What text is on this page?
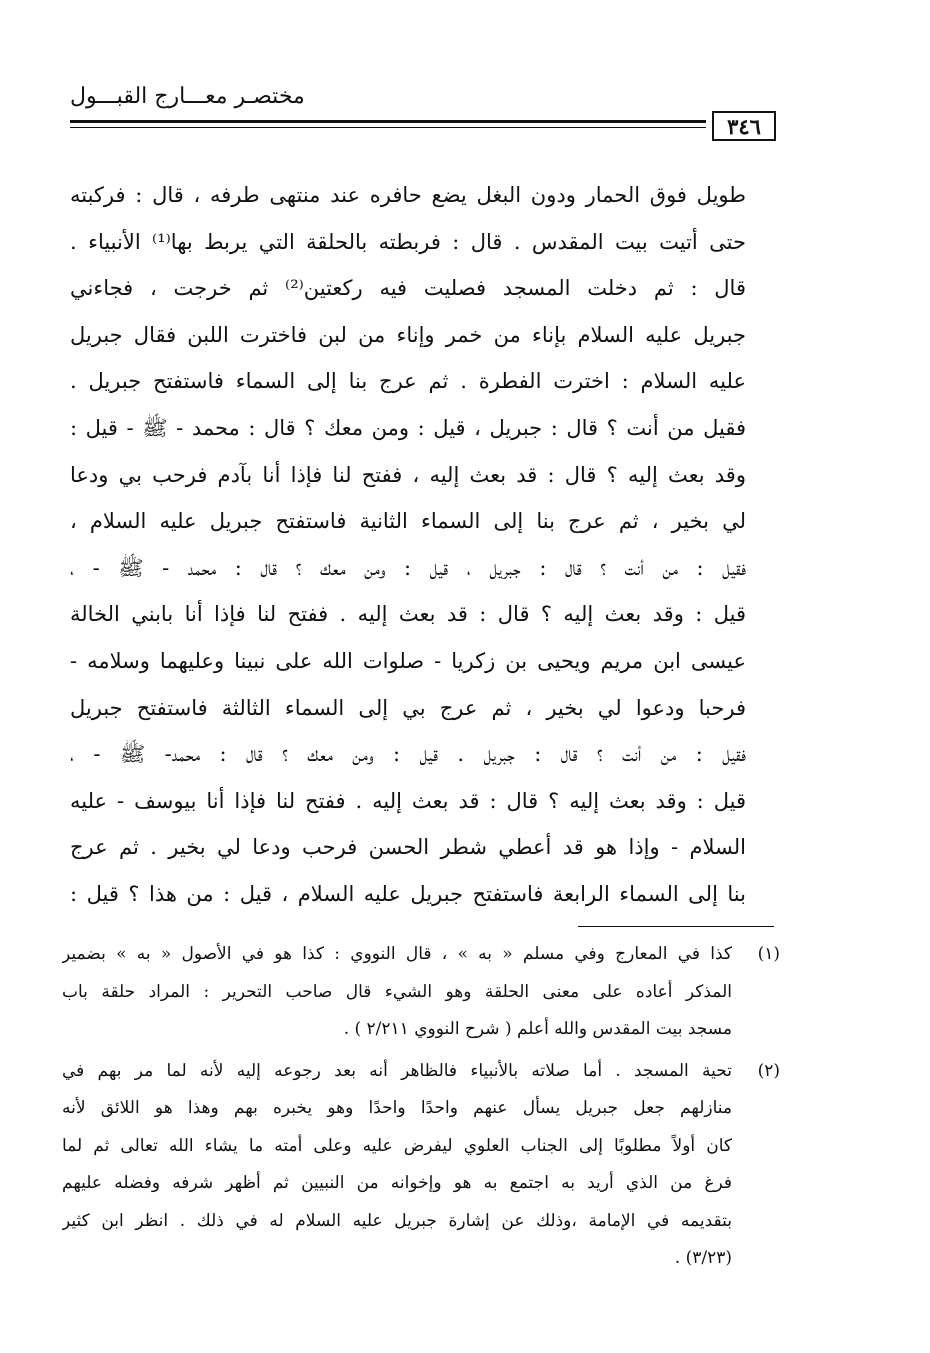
مختصـر معـــارج القبـــول
٣٤٦
طويل فوق الحمار ودون البغل يضع حافره عند منتهى طرفه ، قال : فركبته
حتى أتيت بيت المقدس . قال : فربطته بالحلقة التي يربط بها⁽¹⁾ الأنبياء .
قال : ثم دخلت المسجد فصليت فيه ركعتين⁽²⁾ ثم خرجت ، فجاءني
جبريل عليه السلام بإناء من خمر وإناء من لبن فاخترت اللبن فقال جبريل
عليه السلام : اخترت الفطرة . ثم عرج بنا إلى السماء فاستفتح جبريل .
فقيل من أنت ؟ قال : جبريل ، قيل : ومن معك ؟ قال : محمد - ﷺ - قيل :
وقد بعث إليه ؟ قال : قد بعث إليه ، ففتح لنا فإذا أنا بآدم فرحب بي ودعا
لي بخير ، ثم عرج بنا إلى السماء الثانية فاستفتح جبريل عليه السلام ،
فقيل : من أنت ؟ قال : جبريل ، قيل : ومن معك ؟ قال : محمد - ﷺ - ،
قيل : وقد بعث إليه ؟ قال : قد بعث إليه . ففتح لنا فإذا أنا بابني الخالة
عيسى ابن مريم ويحيى بن زكريا - صلوات الله على نبينا وعليهما وسلامه -
فرحبا ودعوا لي بخير ، ثم عرج بي إلى السماء الثالثة فاستفتح جبريل
فقيل : من أنت ؟ قال : جبريل . قيل : ومن معك ؟ قال : محمد- ﷺ - ،
قيل : وقد بعث إليه ؟ قال : قد بعث إليه . ففتح لنا فإذا أنا بيوسف - عليه
السلام - وإذا هو قد أعطي شطر الحسن فرحب ودعا لي بخير . ثم عرج
بنا إلى السماء الرابعة فاستفتح جبريل عليه السلام ، قيل : من هذا ؟ قيل :
(١)
كذا في المعارج وفي مسلم « به » ، قال النووي : كذا هو في الأصول « به » بضمير
المذكر أعاده على معنى الحلقة وهو الشيء قال صاحب التحرير : المراد حلقة باب
مسجد بيت المقدس والله أعلم ( شرح النووي ٢/٢١١ ) .
(٢)
تحية المسجد . أما صلاته بالأنبياء فالظاهر أنه بعد رجوعه إليه لأنه لما مر بهم في
منازلهم جعل جبريل يسأل عنهم واحدًا واحدًا وهو يخبره بهم وهذا هو اللائق لأنه
كان أولاً مطلوبًا إلى الجناب العلوي ليفرض عليه وعلى أمته ما يشاء الله تعالى ثم لما
فرغ من الذي أريد به اجتمع به هو وإخوانه من النبيين ثم أظهر شرفه وفضله عليهم
بتقديمه في الإمامة ،وذلك عن إشارة جبريل عليه السلام له في ذلك . انظر ابن كثير
(٣/٢٣) .
